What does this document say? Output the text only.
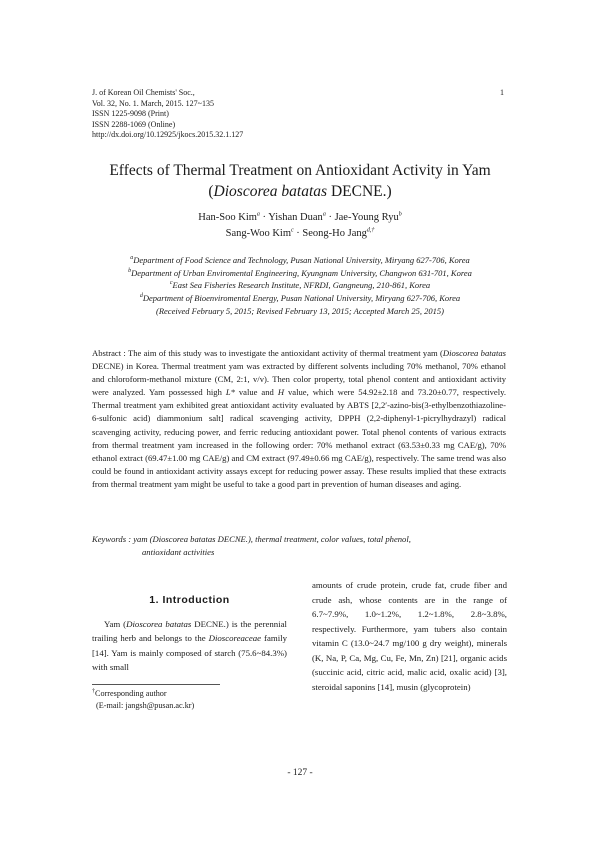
J. of Korean Oil Chemists' Soc.,
Vol. 32, No. 1. March, 2015. 127~135
ISSN 1225-9098 (Print)
ISSN 2288-1069 (Online)
http://dx.doi.org/10.12925/jkocs.2015.32.1.127
1
Effects of Thermal Treatment on Antioxidant Activity in Yam
(Dioscorea batatas DECNE.)
Han-Soo Kim$^a$ · Yishan Duan$^a$ · Jae-Young Ryu$^b$
Sang-Woo Kim$^c$ · Seong-Ho Jang$^{d,\dagger}$
$^a$Department of Food Science and Technology, Pusan National University, Miryang 627-706, Korea
$^b$Department of Urban Enviromental Engineering, Kyungnam University, Changwon 631-701, Korea
$^c$East Sea Fisheries Research Institute, NFRDI, Gangneung, 210-861, Korea
$^d$Department of Bioenviromental Energy, Pusan National University, Miryang 627-706, Korea
(Received February 5, 2015; Revised February 13, 2015; Accepted March 25, 2015)
Abstract : The aim of this study was to investigate the antioxidant activity of thermal treatment yam (Dioscorea batatas DECNE) in Korea. Thermal treatment yam was extracted by different solvents including 70% methanol, 70% ethanol and chloroform-methanol mixture (CM, 2:1, v/v). Then color property, total phenol content and antioxidant activity were analyzed. Yam possessed high L* value and H value, which were 54.92±2.18 and 73.20±0.77, respectively. Thermal treatment yam exhibited great antioxidant activity evaluated by ABTS [2,2′-azino-bis(3-ethylbenzothiazoline-6-sulfonic acid) diammonium salt] radical scavenging activity, DPPH (2,2-diphenyl-1-picrylhydrazyl) radical scavenging activity, reducing power, and ferric reducing antioxidant power. Total phenol contents of various extracts from thermal treatment yam increased in the following order: 70% methanol extract (63.53±0.33 mg CAE/g), 70% ethanol extract (69.47±1.00 mg CAE/g) and CM extract (97.49±0.66 mg CAE/g), respectively. The same trend was also could be found in antioxidant activity assays except for reducing power assay. These results implied that these extracts from thermal treatment yam might be useful to take a good part in prevention of human diseases and aging.
Keywords : yam (Dioscorea batatas DECNE.), thermal treatment, color values, total phenol,
antioxidant activities
1. Introduction
Yam (Dioscorea batatas DECNE.) is the perennial trailing herb and belongs to the Dioscoreaceae family [14]. Yam is mainly composed of starch (75.6~84.3%) with small
†Corresponding author
(E-mail: jangsh@pusan.ac.kr)
amounts of crude protein, crude fat, crude fiber and crude ash, whose contents are in the range of 6.7~7.9%, 1.0~1.2%, 1.2~1.8%, 2.8~3.8%, respectively. Furthermore, yam tubers also contain vitamin C (13.0~24.7 mg/100 g dry weight), minerals (K, Na, P, Ca, Mg, Cu, Fe, Mn, Zn) [21], organic acids (succinic acid, citric acid, malic acid, oxalic acid) [3], steroidal saponins [14], musin (glycoprotein)
- 127 -
